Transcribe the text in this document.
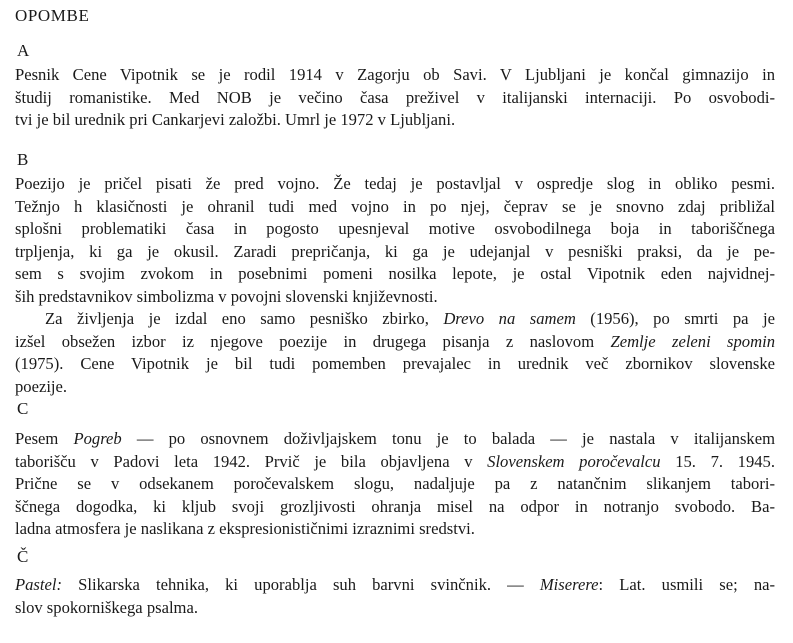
OPOMBE
A
Pesnik Cene Vipotnik se je rodil 1914 v Zagorju ob Savi. V Ljubljani je končal gimnazijo in
študij romanistike. Med NOB je večino časa preživel v italijanski internaciji. Po osvobodi-
tvi je bil urednik pri Cankarjevi založbi. Umrl je 1972 v Ljubljani.
B
Poezijo je pričel pisati že pred vojno. Že tedaj je postavljal v ospredje slog in obliko pesmi.
Težnjo h klasičnosti je ohranil tudi med vojno in po njej, čeprav se je snovno zdaj približal
splošni problematiki časa in pogosto upesnjeval motive osvobodilnega boja in taboriščnega
trpljenja, ki ga je okusil. Zaradi prepričanja, ki ga je udejanjal v pesniški praksi, da je pe-
sem s svojim zvokom in posebnimi pomeni nosilka lepote, je ostal Vipotnik eden najvidnej-
ših predstavnikov simbolizma v povojni slovenski književnosti.
Za življenja je izdal eno samo pesniško zbirko, Drevo na samem (1956), po smrti pa je
izšel obsežen izbor iz njegove poezije in drugega pisanja z naslovom Zemlje zeleni spomin
(1975). Cene Vipotnik je bil tudi pomemben prevajalec in urednik več zbornikov slovenske
poezije.
C
Pesem Pogreb — po osnovnem doživljajskem tonu je to balada — je nastala v italijanskem
taborišču v Padovi leta 1942. Prvič je bila objavljena v Slovenskem poročevalcu 15. 7. 1945.
Prične se v odsekanem poročevalskem slogu, nadaljuje pa z natančnim slikanjem tabori-
ščnega dogodka, ki kljub svoji grozljivosti ohranja misel na odpor in notranjo svobodo. Ba-
ladna atmosfera je naslikana z ekspresionističnimi izraznimi sredstvi.
Č
Pastel: Slikarska tehnika, ki uporablja suh barvni svinčnik. — Miserere: Lat. usmili se; na-
slov spokorniškega psalma.
